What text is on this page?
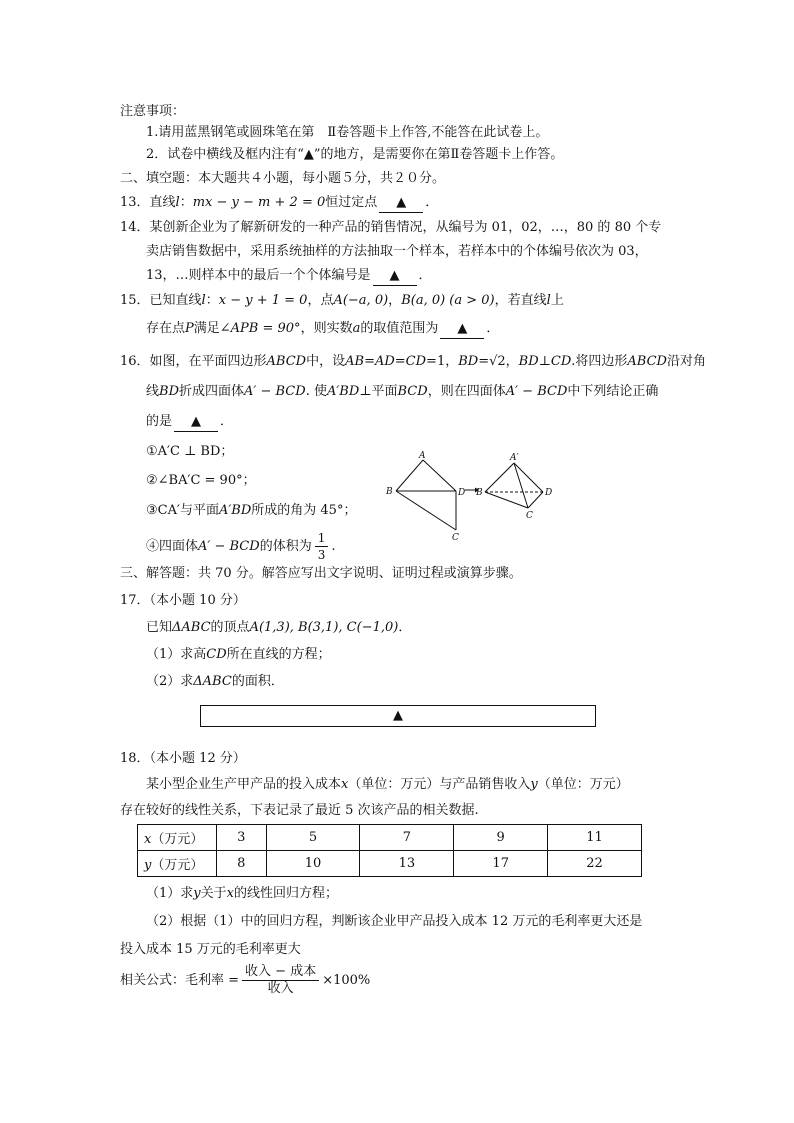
注意事项：
1.请用蓝黑钢笔或圆珠笔在第　Ⅱ卷答题卡上作答,不能答在此试卷上。
2．试卷中横线及框内注有“▲”的地方，是需要你在第Ⅱ卷答题卡上作答。
二、填空题：本大题共４小题，每小题５分，共２０分。
13．直线l：mx − y − m + 2 = 0恒过定点 ▲ ．
14．某创新企业为了解新研发的一种产品的销售情况，从编号为 01，02，…，80 的 80 个专
卖店销售数据中，采用系统抽样的方法抽取一个样本，若样本中的个体编号依次为 03，
13，…则样本中的最后一个个体编号是 ▲ ．
15．已知直线l：x − y + 1 = 0，点A(−a, 0)，B(a, 0) (a > 0)，若直线l上
存在点P满足∠APB = 90°，则实数a的取值范围为 ▲ ．
16．如图，在平面四边形ABCD中，设AB=AD=CD=1，BD=√2，BD⊥CD.将四边形ABCD沿对角
线BD折成四面体A′ − BCD. 使A′BD⊥平面BCD，则在四面体A′ − BCD中下列结论正确
的是 ▲ ．
①A′C ⊥ BD；
②∠BA′C = 90°；
③CA′与平面A′BD所成的角为 45°；
④四面体A′ − BCD的体积为 $\frac{1}{3}$ .
A
B	D
C
A′
B	D
C
三、解答题：共 70 分。解答应写出文字说明、证明过程或演算步骤。
17．（本小题 10 分）
已知ΔABC的顶点A(1,3), B(3,1), C(−1,0)．
（1）求高CD所在直线的方程；
（2）求ΔABC的面积．
▲
18．（本小题 12 分）
某小型企业生产甲产品的投入成本x（单位：万元）与产品销售收入y（单位：万元）
存在较好的线性关系，下表记录了最近 5 次该产品的相关数据.
x（万元）	3	5	7	9	11
y（万元）	8	10	13	17	22
（1）求y关于x的线性回归方程；
（2）根据（1）中的回归方程，判断该企业甲产品投入成本 12 万元的毛利率更大还是
投入成本 15 万元的毛利率更大
相关公式：毛利率 = $\frac{\text{收入 − 成本}}{\text{收入}} \times 100\%$
